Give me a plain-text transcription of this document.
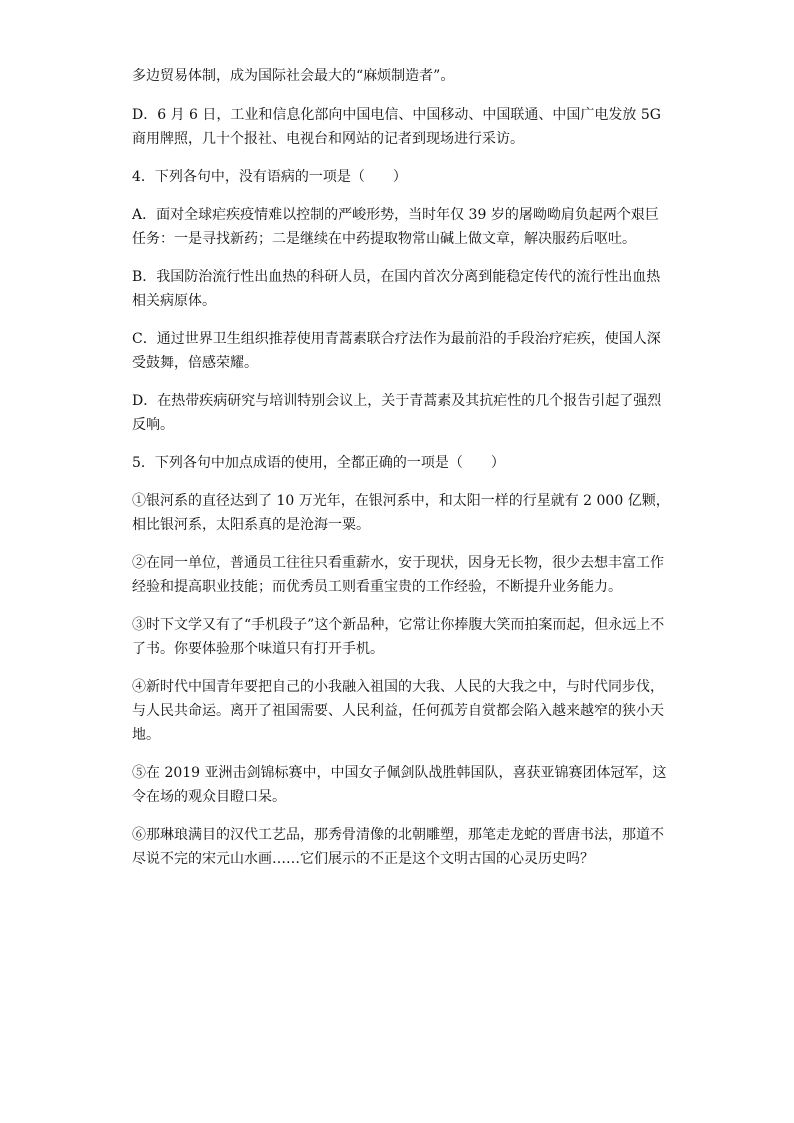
多边贸易体制，成为国际社会最大的“麻烦制造者”。

D．6 月 6 日，工业和信息化部向中国电信、中国移动、中国联通、中国广电发放 5G
商用牌照，几十个报社、电视台和网站的记者到现场进行采访。

4．下列各句中，没有语病的一项是（　　）

A．面对全球疟疾疫情难以控制的严峻形势，当时年仅 39 岁的屠呦呦肩负起两个艰巨
任务：一是寻找新药；二是继续在中药提取物常山碱上做文章，解决服药后呕吐。

B．我国防治流行性出血热的科研人员，在国内首次分离到能稳定传代的流行性出血热
相关病原体。

C．通过世界卫生组织推荐使用青蒿素联合疗法作为最前沿的手段治疗疟疾，使国人深
受鼓舞，倍感荣耀。

D．在热带疾病研究与培训特别会议上，关于青蒿素及其抗疟性的几个报告引起了强烈
反响。

5．下列各句中加点成语的使用，全都正确的一项是（　　）

①银河系的直径达到了 10 万光年，在银河系中，和太阳一样的行星就有 2 000 亿颗，
相比银河系，太阳系真的是沧海一粟。

②在同一单位，普通员工往往只看重薪水，安于现状，因身无长物，很少去想丰富工作
经验和提高职业技能；而优秀员工则看重宝贵的工作经验，不断提升业务能力。

③时下文学又有了“手机段子”这个新品种，它常让你捧腹大笑而拍案而起，但永远上不
了书。你要体验那个味道只有打开手机。

④新时代中国青年要把自己的小我融入祖国的大我、人民的大我之中，与时代同步伐，
与人民共命运。离开了祖国需要、人民利益，任何孤芳自赏都会陷入越来越窄的狭小天
地。

⑤在 2019 亚洲击剑锦标赛中，中国女子佩剑队战胜韩国队，喜获亚锦赛团体冠军，这
令在场的观众目瞪口呆。

⑥那琳琅满目的汉代工艺品，那秀骨清像的北朝雕塑，那笔走龙蛇的晋唐书法，那道不
尽说不完的宋元山水画……它们展示的不正是这个文明古国的心灵历史吗？
